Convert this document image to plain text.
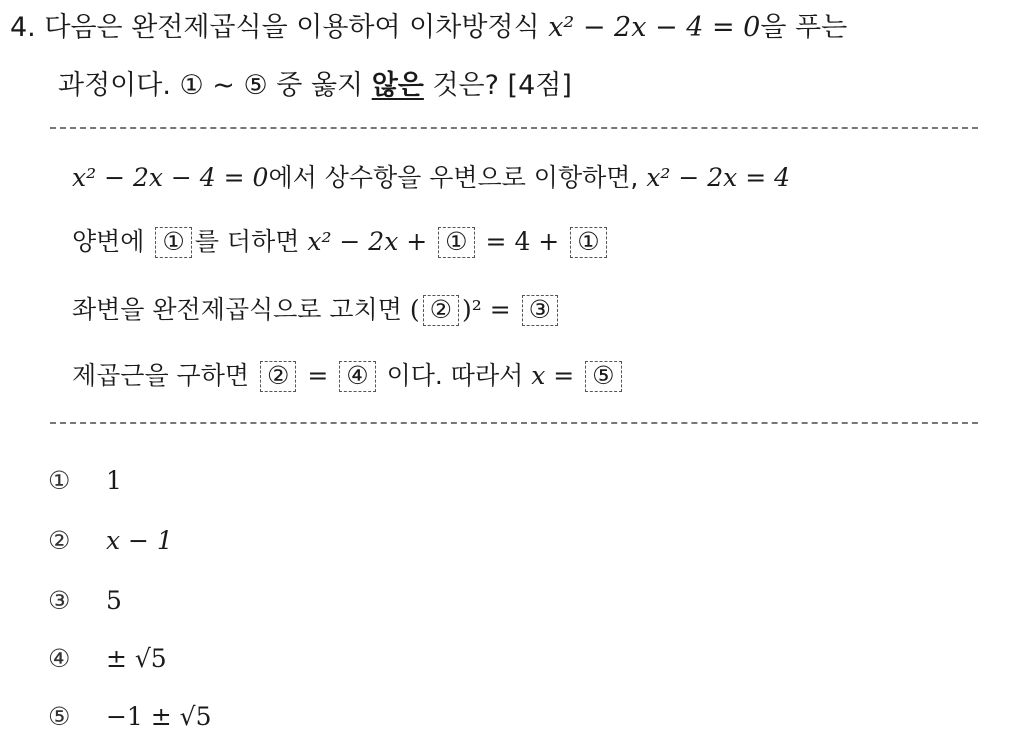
4. 다음은 완전제곱식을 이용하여 이차방정식 x² − 2x − 4 = 0을 푸는
과정이다. ① ~ ⑤ 중 옳지 않은 것은? [4점]
x² − 2x − 4 = 0에서 상수항을 우변으로 이항하면, x² − 2x = 4
양변에 ① 를 더하면 x² − 2x + ① = 4 + ①
좌변을 완전제곱식으로 고치면 ( ② )² = ③
제곱근을 구하면 ② = ④ 이다. 따라서 x = ⑤
① 1
② x − 1
③ 5
④ ± √5
⑤ −1 ± √5
